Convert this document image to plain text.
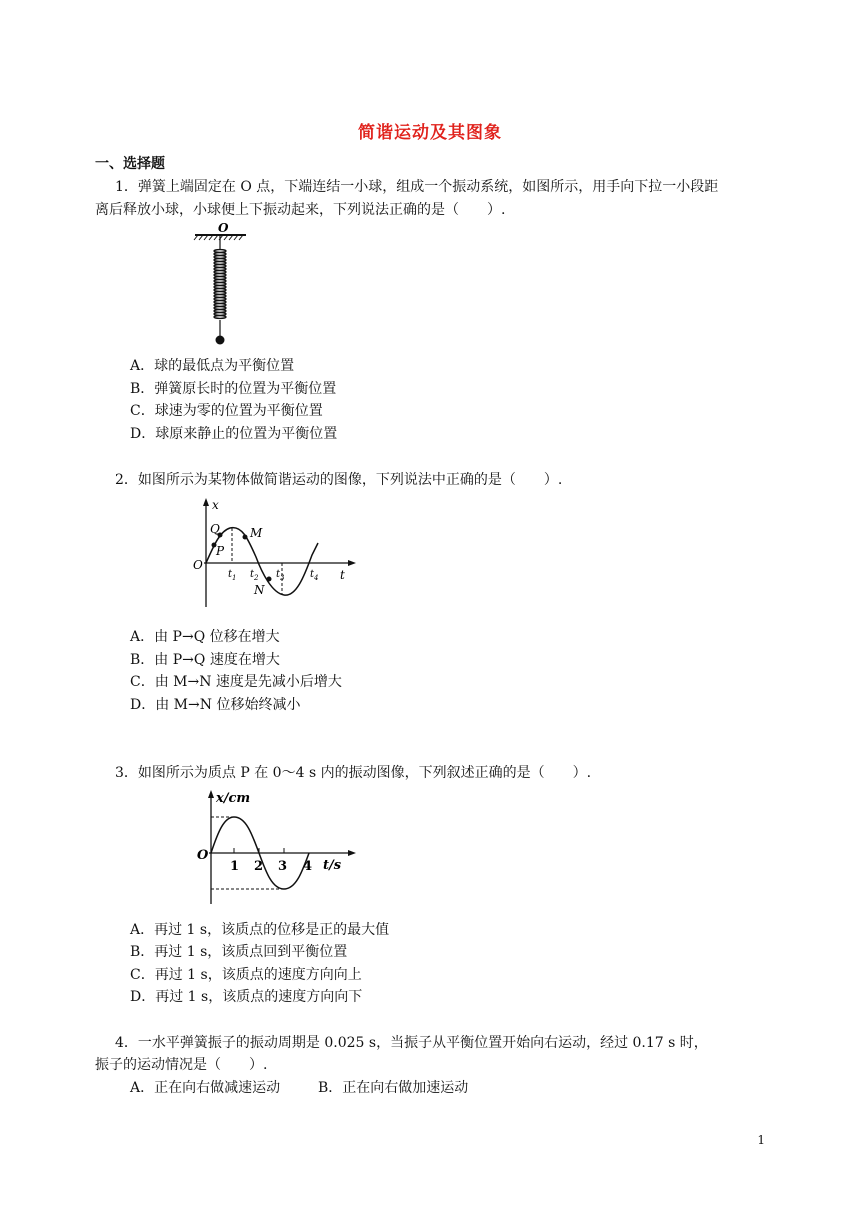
简谐运动及其图象
一、选择题
1．弹簧上端固定在 O 点，下端连结一小球，组成一个振动系统，如图所示，用手向下拉一小段距
离后释放小球，小球便上下振动起来，下列说法正确的是（　　）.
O
A．球的最低点为平衡位置
B．弹簧原长时的位置为平衡位置
C．球速为零的位置为平衡位置
D．球原来静止的位置为平衡位置
2．如图所示为某物体做简谐运动的图像，下列说法中正确的是（　　）.
x
t
O
Q
P
M
N
$t_1$ $t_2$ $t_3$	$t_4$
A．由 P→Q 位移在增大
B．由 P→Q 速度在增大
C．由 M→N 速度是先减小后增大
D．由 M→N 位移始终减小
3．如图所示为质点 P 在 0～4 s 内的振动图像，下列叙述正确的是（　　）.
x/cm
t/s
O
1 2 3 4
A．再过 1 s，该质点的位移是正的最大值
B．再过 1 s，该质点回到平衡位置
C．再过 1 s，该质点的速度方向向上
D．再过 1 s，该质点的速度方向向下
4．一水平弹簧振子的振动周期是 0.025 s，当振子从平衡位置开始向右运动，经过 0.17 s 时，
振子的运动情况是（　　）.
A．正在向右做减速运动	B．正在向右做加速运动
1
